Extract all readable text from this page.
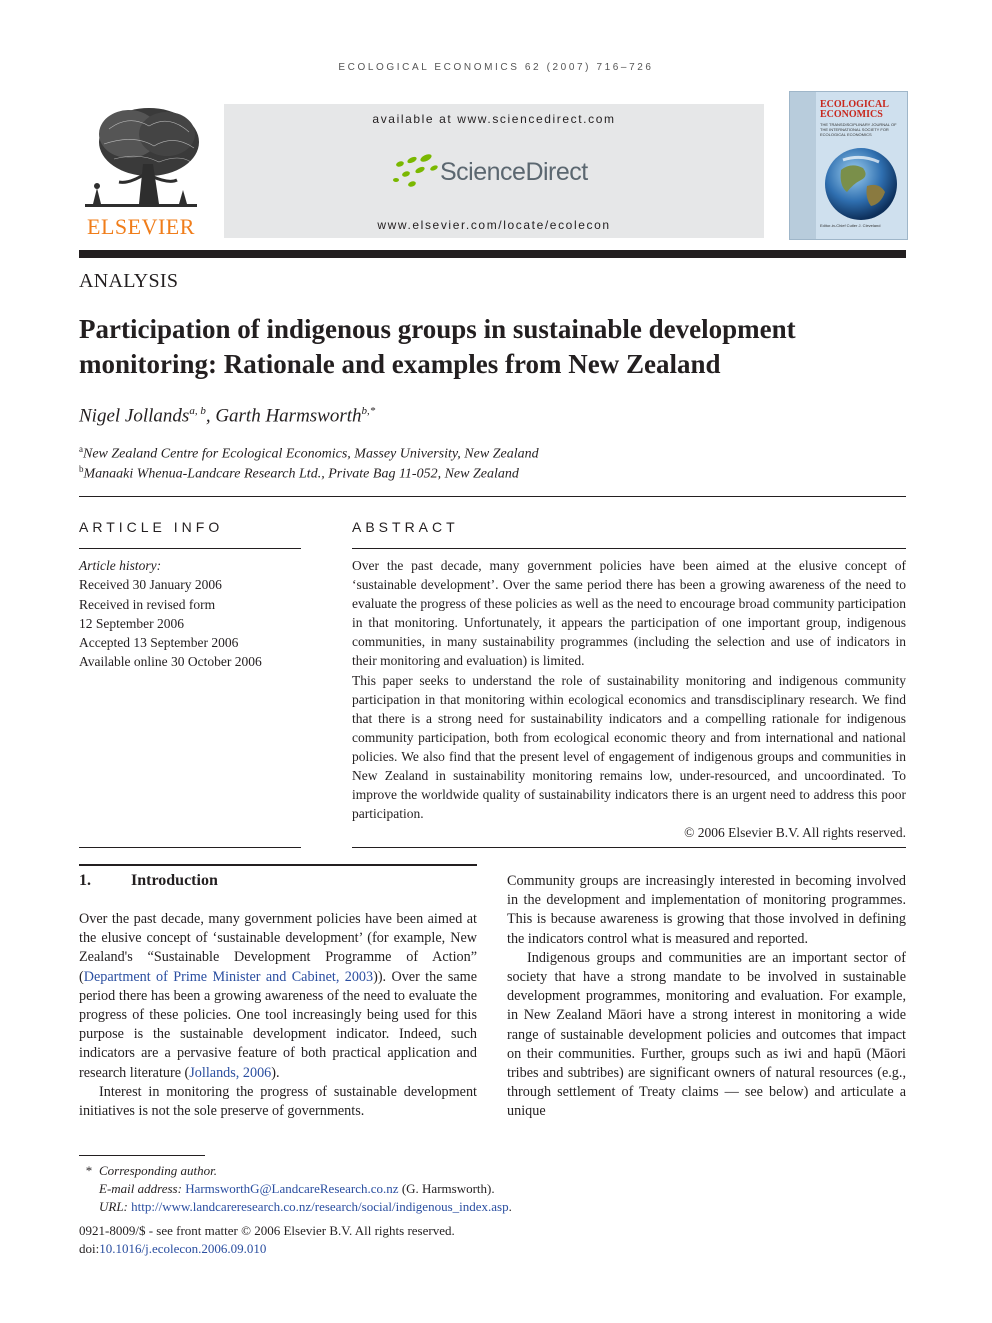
ECOLOGICAL ECONOMICS 62 (2007) 716–726
ELSEVIER
available at www.sciencedirect.com
ScienceDirect
www.elsevier.com/locate/ecolecon
ECOLOGICAL
ECONOMICS
THE TRANSDISCIPLINARY JOURNAL OF THE INTERNATIONAL SOCIETY FOR ECOLOGICAL ECONOMICS
Editor-in-Chief Cutler J. Cleveland
ANALYSIS
Participation of indigenous groups in sustainable development monitoring: Rationale and examples from New Zealand
Nigel Jollands$^{a, b}$, Garth Harmsworth$^{b,*}$
$^a$New Zealand Centre for Ecological Economics, Massey University, New Zealand
$^b$Manaaki Whenua-Landcare Research Ltd., Private Bag 11-052, New Zealand
ARTICLE INFO
Article history:
Received 30 January 2006
Received in revised form
12 September 2006
Accepted 13 September 2006
Available online 30 October 2006
ABSTRACT

Over the past decade, many government policies have been aimed at the elusive concept of ‘sustainable development’. Over the same period there has been a growing awareness of the need to evaluate the progress of these policies as well as the need to encourage broad community participation in that monitoring. Unfortunately, it appears the participation of one important group, indigenous communities, in many sustainability programmes (including the selection and use of indicators in their monitoring and evaluation) is limited.

This paper seeks to understand the role of sustainability monitoring and indigenous community participation in that monitoring within ecological economics and transdisciplinary research. We find that there is a strong need for sustainability indicators and a compelling rationale for indigenous community participation, both from ecological economic theory and from international and national policies. We also find that the present level of engagement of indigenous groups and communities in New Zealand in sustainability monitoring remains low, under-resourced, and uncoordinated. To improve the worldwide quality of sustainability indicators there is an urgent need to address this poor participation.

© 2006 Elsevier B.V. All rights reserved.

1.	Introduction

Over the past decade, many government policies have been aimed at the elusive concept of ‘sustainable development’ (for example, New Zealand's “Sustainable Development Programme of Action” (Department of Prime Minister and Cabinet, 2003)). Over the same period there has been a growing awareness of the need to evaluate the progress of these policies. One tool increasingly being used for this purpose is the sustainable development indicator. Indeed, such indicators are a pervasive feature of both practical application and research literature (Jollands, 2006).

Interest in monitoring the progress of sustainable development initiatives is not the sole preserve of governments.

Community groups are increasingly interested in becoming involved in the development and implementation of monitoring programmes. This is because awareness is growing that those involved in defining the indicators control what is measured and reported.

Indigenous groups and communities are an important sector of society that have a strong mandate to be involved in sustainable development programmes, monitoring and evaluation. For example, in New Zealand Māori have a strong interest in monitoring a wide range of sustainable development policies and outcomes that impact on their communities. Further, groups such as iwi and hapū (Māori tribes and subtribes) are significant owners of natural resources (e.g., through settlement of Treaty claims — see below) and articulate a unique

* Corresponding author.
E-mail address: HarmsworthG@LandcareResearch.co.nz (G. Harmsworth).
URL: http://www.landcareresearch.co.nz/research/social/indigenous_index.asp.
0921-8009/$ - see front matter © 2006 Elsevier B.V. All rights reserved.
doi:10.1016/j.ecolecon.2006.09.010
